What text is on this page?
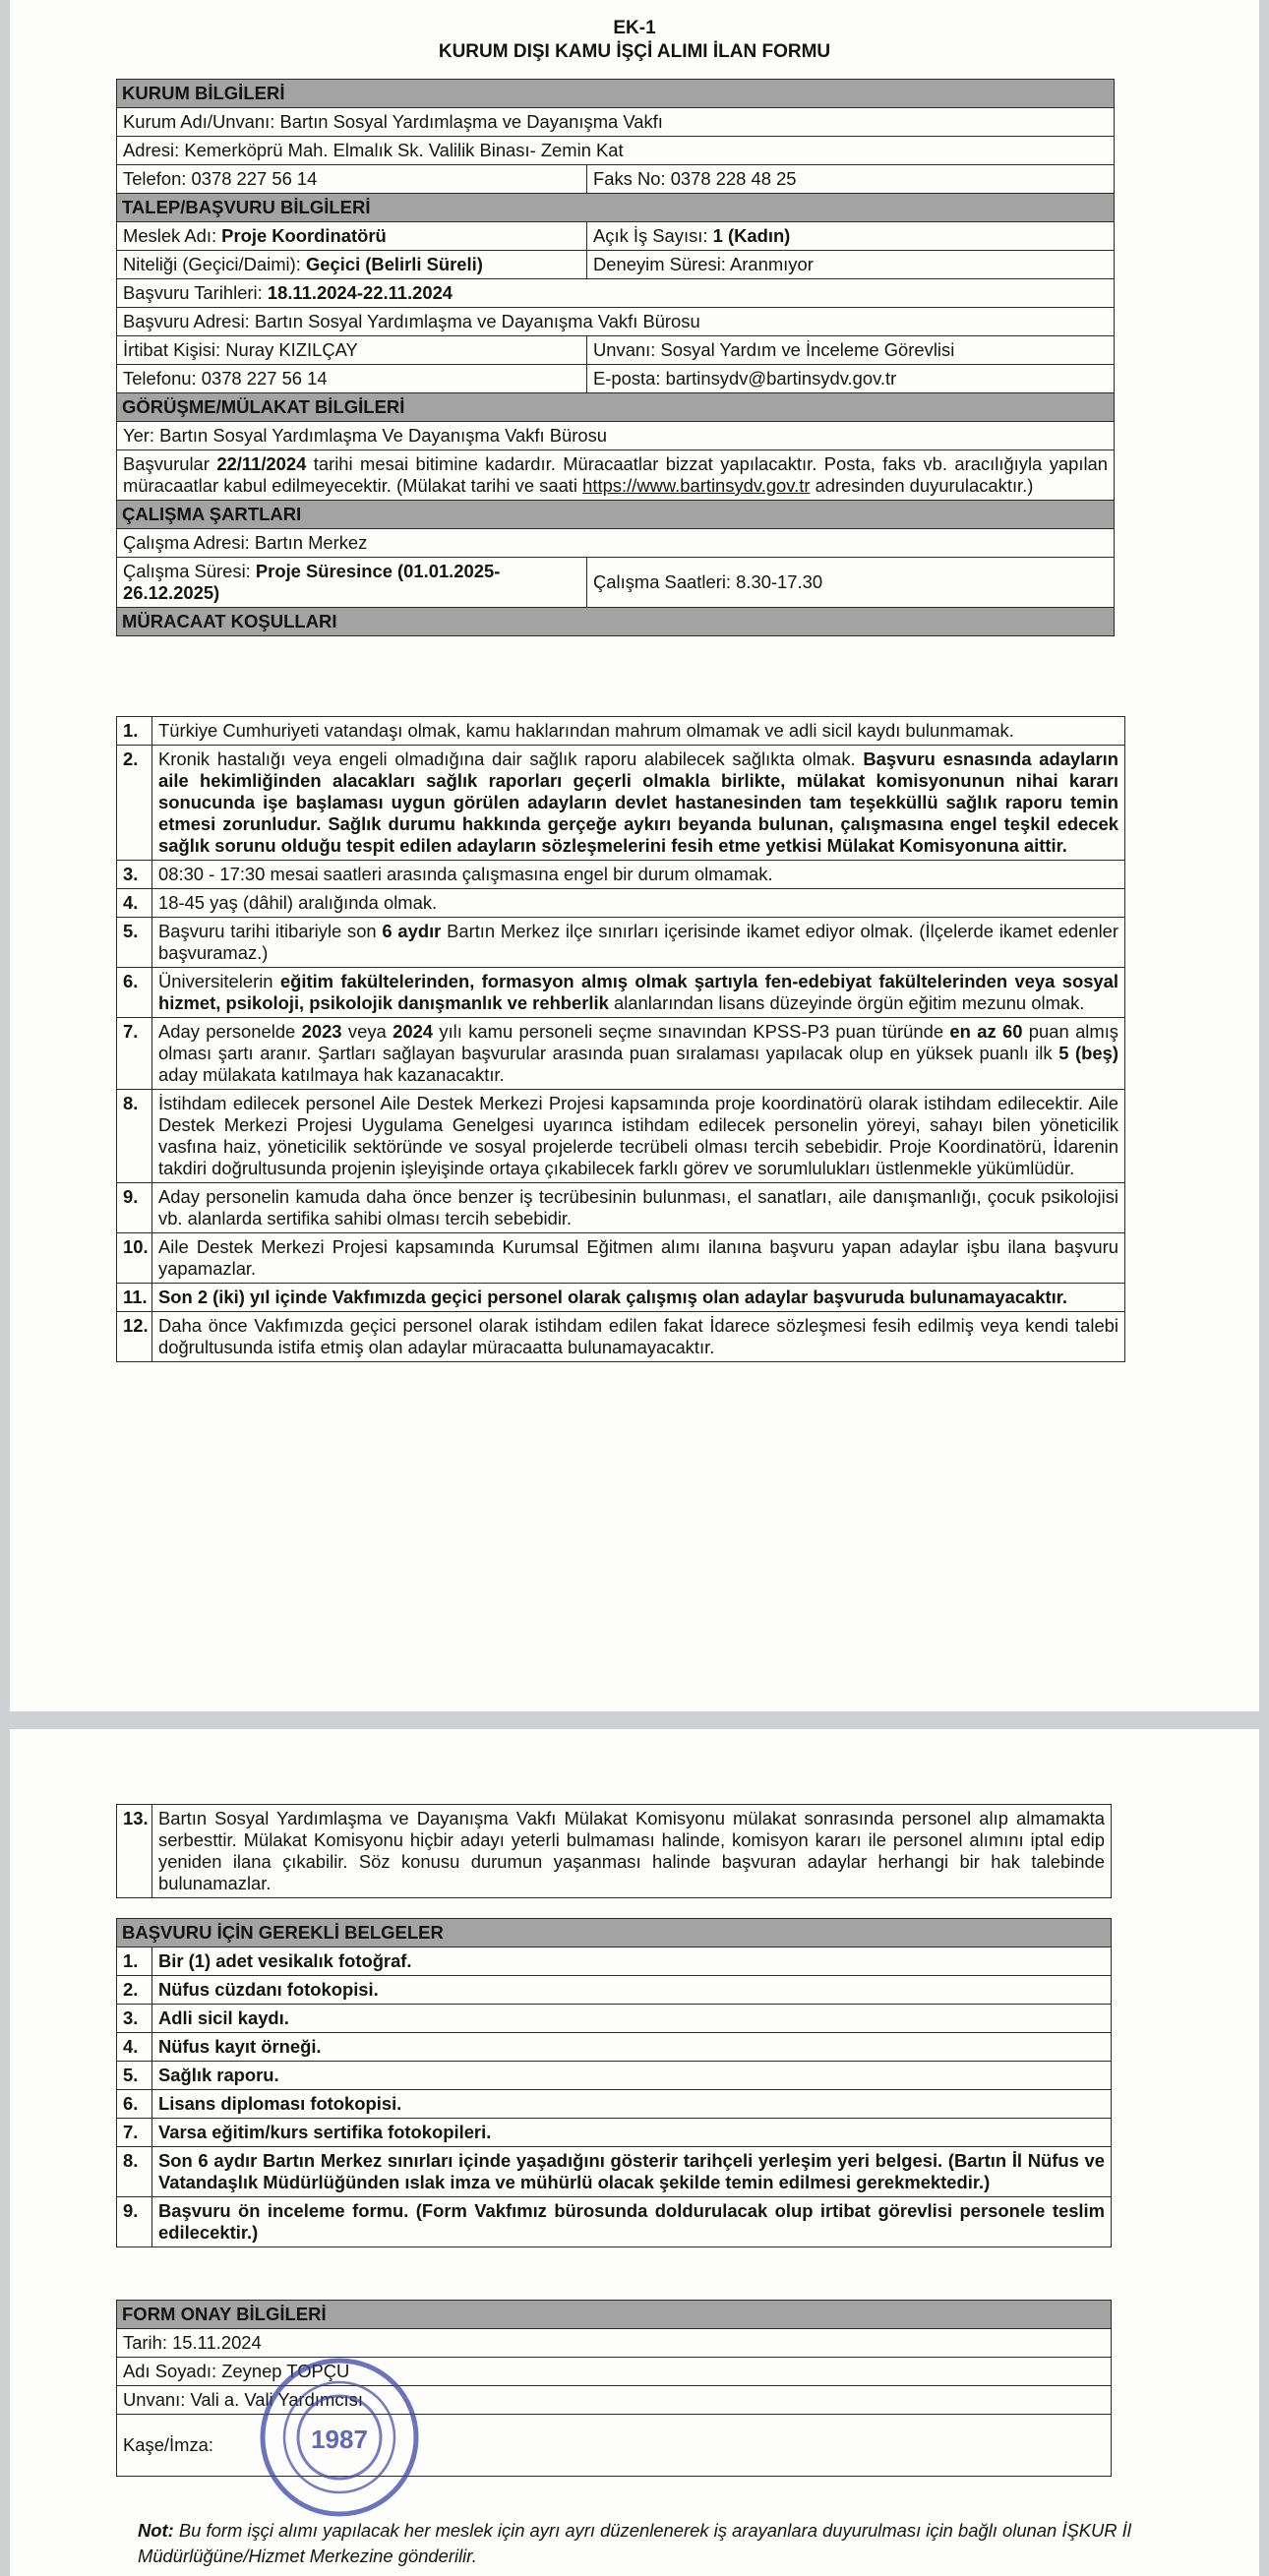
EK-1
KURUM DIŞI KAMU İŞÇİ ALIMI İLAN FORMU
KURUM BİLGİLERİ	
Kurum Adı/Unvanı: Bartın Sosyal Yardımlaşma ve Dayanışma Vakfı	
Adresi: Kemerköprü Mah. Elmalık Sk. Valilik Binası- Zemin Kat	
Telefon: 0378 227 56 14	Faks No: 0378 228 48 25
TALEP/BAŞVURU BİLGİLERİ	
Meslek Adı: Proje Koordinatörü	Açık İş Sayısı: 1 (Kadın)
Niteliği (Geçici/Daimi): Geçici (Belirli Süreli)	Deneyim Süresi: Aranmıyor
Başvuru Tarihleri: 18.11.2024-22.11.2024	
Başvuru Adresi: Bartın Sosyal Yardımlaşma ve Dayanışma Vakfı Bürosu	
İrtibat Kişisi: Nuray KIZILÇAY	Unvanı: Sosyal Yardım ve İnceleme Görevlisi
Telefonu: 0378 227 56 14	E-posta: bartinsydv@bartinsydv.gov.tr
GÖRÜŞME/MÜLAKAT BİLGİLERİ	
Yer: Bartın Sosyal Yardımlaşma Ve Dayanışma Vakfı Bürosu	
Başvurular 22/11/2024 tarihi mesai bitimine kadardır. Müracaatlar bizzat yapılacaktır. Posta, faks vb. aracılığıyla yapılan müracaatlar kabul edilmeyecektir. (Mülakat tarihi ve saati https://www.bartinsydv.gov.tr adresinden duyurulacaktır.)	
ÇALIŞMA ŞARTLARI	
Çalışma Adresi: Bartın Merkez	
Çalışma Süresi: Proje Süresince (01.01.2025-26.12.2025)	Çalışma Saatleri: 8.30-17.30
MÜRACAAT KOŞULLARI	
1.	Türkiye Cumhuriyeti vatandaşı olmak, kamu haklarından mahrum olmamak ve adli sicil kaydı bulunmamak.
2.	Kronik hastalığı veya engeli olmadığına dair sağlık raporu alabilecek sağlıkta olmak. Başvuru esnasında adayların aile hekimliğinden alacakları sağlık raporları geçerli olmakla birlikte, mülakat komisyonunun nihai kararı sonucunda işe başlaması uygun görülen adayların devlet hastanesinden tam teşekküllü sağlık raporu temin etmesi zorunludur. Sağlık durumu hakkında gerçeğe aykırı beyanda bulunan, çalışmasına engel teşkil edecek sağlık sorunu olduğu tespit edilen adayların sözleşmelerini fesih etme yetkisi Mülakat Komisyonuna aittir.
3.	08:30 - 17:30 mesai saatleri arasında çalışmasına engel bir durum olmamak.
4.	18-45 yaş (dâhil) aralığında olmak.
5.	Başvuru tarihi itibariyle son 6 aydır Bartın Merkez ilçe sınırları içerisinde ikamet ediyor olmak. (İlçelerde ikamet edenler başvuramaz.)
6.	Üniversitelerin eğitim fakültelerinden, formasyon almış olmak şartıyla fen-edebiyat fakültelerinden veya sosyal hizmet, psikoloji, psikolojik danışmanlık ve rehberlik alanlarından lisans düzeyinde örgün eğitim mezunu olmak.
7.	Aday personelde 2023 veya 2024 yılı kamu personeli seçme sınavından KPSS-P3 puan türünde en az 60 puan almış olması şartı aranır. Şartları sağlayan başvurular arasında puan sıralaması yapılacak olup en yüksek puanlı ilk 5 (beş) aday mülakata katılmaya hak kazanacaktır.
8.	İstihdam edilecek personel Aile Destek Merkezi Projesi kapsamında proje koordinatörü olarak istihdam edilecektir. Aile Destek Merkezi Projesi Uygulama Genelgesi uyarınca istihdam edilecek personelin yöreyi, sahayı bilen yöneticilik vasfına haiz, yöneticilik sektöründe ve sosyal projelerde tecrübeli olması tercih sebebidir. Proje Koordinatörü, İdarenin takdiri doğrultusunda projenin işleyişinde ortaya çıkabilecek farklı görev ve sorumlulukları üstlenmekle yükümlüdür.
9.	Aday personelin kamuda daha önce benzer iş tecrübesinin bulunması, el sanatları, aile danışmanlığı, çocuk psikolojisi vb. alanlarda sertifika sahibi olması tercih sebebidir.
10.	Aile Destek Merkezi Projesi kapsamında Kurumsal Eğitmen alımı ilanına başvuru yapan adaylar işbu ilana başvuru yapamazlar.
11.	Son 2 (iki) yıl içinde Vakfımızda geçici personel olarak çalışmış olan adaylar başvuruda bulunamayacaktır.
12.	Daha önce Vakfımızda geçici personel olarak istihdam edilen fakat İdarece sözleşmesi fesih edilmiş veya kendi talebi doğrultusunda istifa etmiş olan adaylar müracaatta bulunamayacaktır.
13.	Bartın Sosyal Yardımlaşma ve Dayanışma Vakfı Mülakat Komisyonu mülakat sonrasında personel alıp almamakta serbesttir. Mülakat Komisyonu hiçbir adayı yeterli bulmaması halinde, komisyon kararı ile personel alımını iptal edip yeniden ilana çıkabilir. Söz konusu durumun yaşanması halinde başvuran adaylar herhangi bir hak talebinde bulunamazlar.
BAŞVURU İÇİN GEREKLİ BELGELER	
1.	Bir (1) adet vesikalık fotoğraf.
2.	Nüfus cüzdanı fotokopisi.
3.	Adli sicil kaydı.
4.	Nüfus kayıt örneği.
5.	Sağlık raporu.
6.	Lisans diploması fotokopisi.
7.	Varsa eğitim/kurs sertifika fotokopileri.
8.	Son 6 aydır Bartın Merkez sınırları içinde yaşadığını gösterir tarihçeli yerleşim yeri belgesi. (Bartın İl Nüfus ve Vatandaşlık Müdürlüğünden ıslak imza ve mühürlü olacak şekilde temin edilmesi gerekmektedir.)
9.	Başvuru ön inceleme formu. (Form Vakfımız bürosunda doldurulacak olup irtibat görevlisi personele teslim edilecektir.)
FORM ONAY BİLGİLERİ
Tarih: 15.11.2024
Adı Soyadı: Zeynep TOPÇU
Unvanı: Vali a. Vali Yardımcısı
Kaşe/İmza:	1987
Not: Bu form işçi alımı yapılacak her meslek için ayrı ayrı düzenlenerek iş arayanlara duyurulması için bağlı olunan İŞKUR İl Müdürlüğüne/Hizmet Merkezine gönderilir.
